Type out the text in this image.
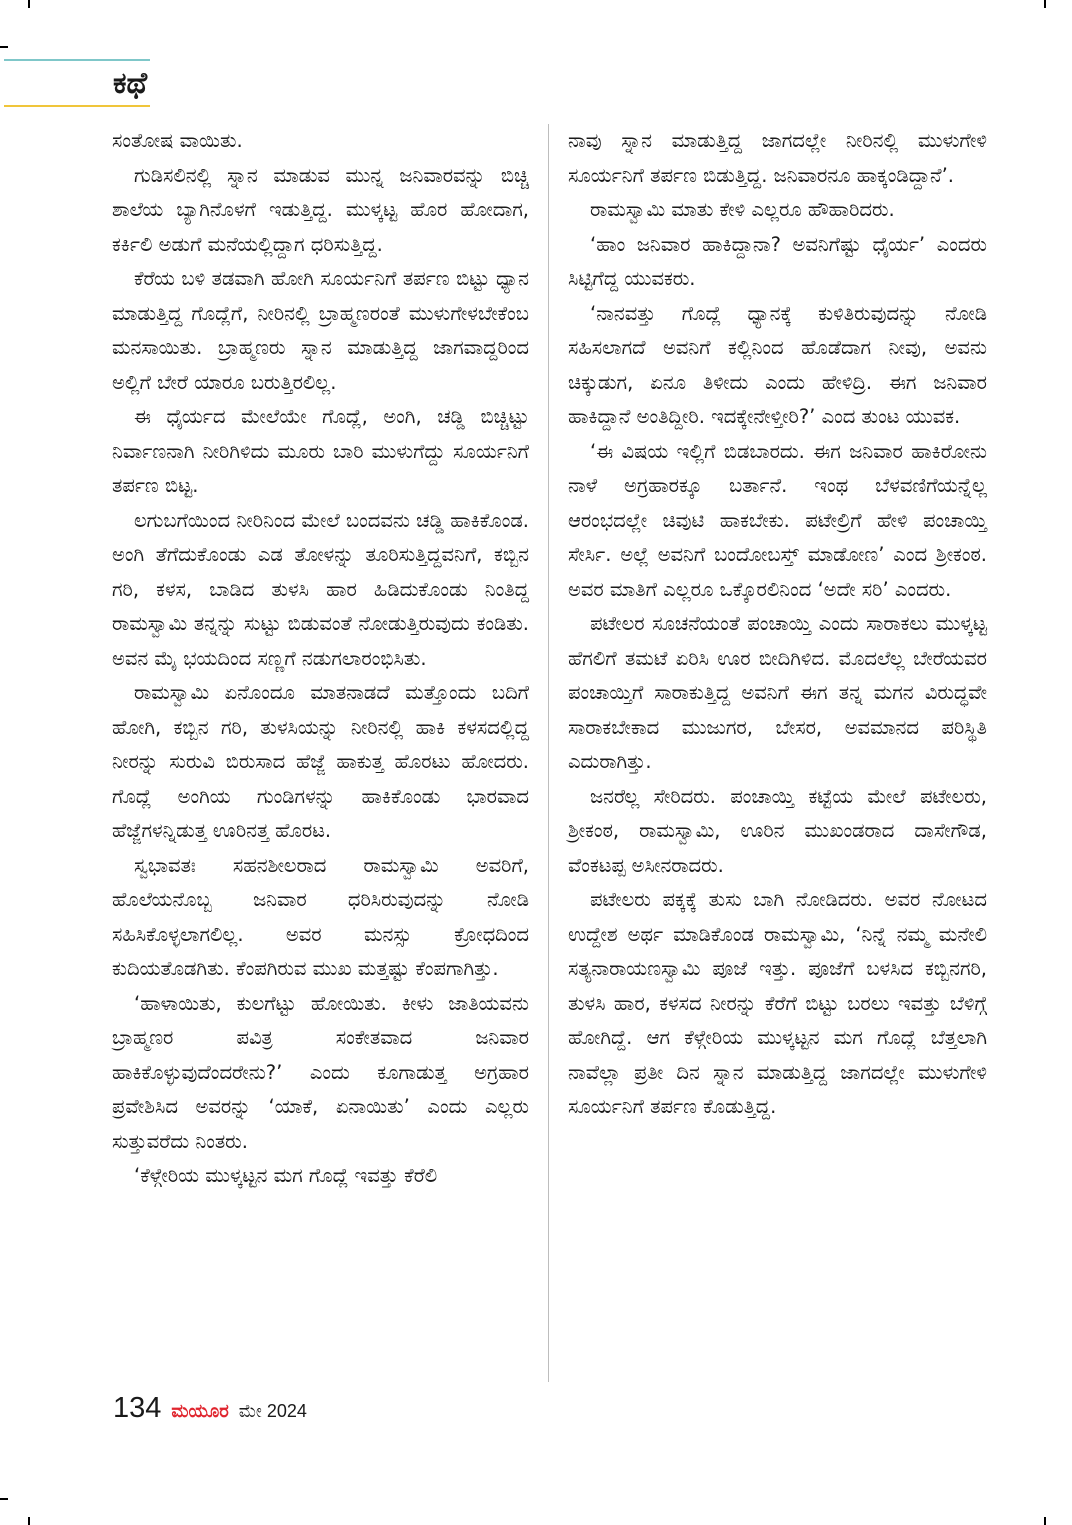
ಕಥೆ

ಸಂತೋಷ ವಾಯಿತು.

ಗುಡಿಸಲಿನಲ್ಲಿ ಸ್ನಾನ ಮಾಡುವ ಮುನ್ನ ಜನಿವಾರವನ್ನು ಬಿಚ್ಚಿ ಶಾಲೆಯ ಬ್ಯಾಗಿನೊಳಗೆ ಇಡುತ್ತಿದ್ದ. ಮುಳ್ಕಟ್ಟ ಹೊರ ಹೋದಾಗ, ಕರ್ಕಿಲಿ ಅಡುಗೆ ಮನೆಯಲ್ಲಿದ್ದಾಗ ಧರಿಸುತ್ತಿದ್ದ.

ಕೆರೆಯ ಬಳಿ ತಡವಾಗಿ ಹೋಗಿ ಸೂರ್ಯನಿಗೆ ತರ್ಪಣ ಬಿಟ್ಟು ಧ್ಯಾನ ಮಾಡುತ್ತಿದ್ದ ಗೊದ್ಲೆಗೆ, ನೀರಿನಲ್ಲಿ ಬ್ರಾಹ್ಮಣರಂತೆ ಮುಳುಗೇಳಬೇಕೆಂಬ ಮನಸಾಯಿತು. ಬ್ರಾಹ್ಮಣರು ಸ್ನಾನ ಮಾಡುತ್ತಿದ್ದ ಜಾಗವಾದ್ದರಿಂದ ಅಲ್ಲಿಗೆ ಬೇರೆ ಯಾರೂ ಬರುತ್ತಿರಲಿಲ್ಲ.

ಈ ಧೈರ್ಯದ ಮೇಲೆಯೇ ಗೊದ್ಲೆ, ಅಂಗಿ, ಚಡ್ಡಿ ಬಿಚ್ಚಿಟ್ಟು ನಿರ್ವಾಣನಾಗಿ ನೀರಿಗಿಳಿದು ಮೂರು ಬಾರಿ ಮುಳುಗೆದ್ದು ಸೂರ್ಯನಿಗೆ ತರ್ಪಣ ಬಿಟ್ಟ.

ಲಗುಬಗೆಯಿಂದ ನೀರಿನಿಂದ ಮೇಲೆ ಬಂದವನು ಚಡ್ಡಿ ಹಾಕಿಕೊಂಡ. ಅಂಗಿ ತೆಗೆದುಕೊಂಡು ಎಡ ತೋಳನ್ನು ತೂರಿಸುತ್ತಿದ್ದವನಿಗೆ, ಕಬ್ಬಿನ ಗರಿ, ಕಳಸ, ಬಾಡಿದ ತುಳಸಿ ಹಾರ ಹಿಡಿದುಕೊಂಡು ನಿಂತಿದ್ದ ರಾಮಸ್ವಾಮಿ ತನ್ನನ್ನು ಸುಟ್ಟು ಬಿಡುವಂತೆ ನೋಡುತ್ತಿರುವುದು ಕಂಡಿತು. ಅವನ ಮೈ ಭಯದಿಂದ ಸಣ್ಣಗೆ ನಡುಗಲಾರಂಭಿಸಿತು.

ರಾಮಸ್ವಾಮಿ ಏನೊಂದೂ ಮಾತನಾಡದೆ ಮತ್ತೊಂದು ಬದಿಗೆ ಹೋಗಿ, ಕಬ್ಬಿನ ಗರಿ, ತುಳಸಿಯನ್ನು ನೀರಿನಲ್ಲಿ ಹಾಕಿ ಕಳಸದಲ್ಲಿದ್ದ ನೀರನ್ನು ಸುರುವಿ ಬಿರುಸಾದ ಹೆಜ್ಜೆ ಹಾಕುತ್ತ ಹೊರಟು ಹೋದರು. ಗೊದ್ಲೆ ಅಂಗಿಯ ಗುಂಡಿಗಳನ್ನು ಹಾಕಿಕೊಂಡು ಭಾರವಾದ ಹೆಜ್ಜೆಗಳನ್ನಿಡುತ್ತ ಊರಿನತ್ತ ಹೊರಟ.

ಸ್ವಭಾವತಃ ಸಹನಶೀಲರಾದ ರಾಮಸ್ವಾಮಿ ಅವರಿಗೆ, ಹೊಲೆಯನೊಬ್ಬ ಜನಿವಾರ ಧರಿಸಿರುವುದನ್ನು ನೋಡಿ ಸಹಿಸಿಕೊಳ್ಳಲಾಗಲಿಲ್ಲ. ಅವರ ಮನಸ್ಸು ಕ್ರೋಧದಿಂದ ಕುದಿಯತೊಡಗಿತು. ಕೆಂಪಗಿರುವ ಮುಖ ಮತ್ತಷ್ಟು ಕೆಂಪಗಾಗಿತ್ತು.

‘ಹಾಳಾಯಿತು, ಕುಲಗೆಟ್ಟು ಹೋಯಿತು. ಕೀಳು ಜಾತಿಯವನು ಬ್ರಾಹ್ಮಣರ ಪವಿತ್ರ ಸಂಕೇತವಾದ ಜನಿವಾರ ಹಾಕಿಕೊಳ್ಳುವುದೆಂದರೇನು?’ ಎಂದು ಕೂಗಾಡುತ್ತ ಅಗ್ರಹಾರ ಪ್ರವೇಶಿಸಿದ ಅವರನ್ನು ‘ಯಾಕೆ, ಏನಾಯಿತು’ ಎಂದು ಎಲ್ಲರು ಸುತ್ತುವರೆದು ನಿಂತರು.

‘ಕೆಳ್ಗೇರಿಯ ಮುಳ್ಕಟ್ಟನ ಮಗ ಗೊದ್ಲೆ ಇವತ್ತು ಕೆರೆಲಿ

ನಾವು ಸ್ನಾನ ಮಾಡುತ್ತಿದ್ದ ಜಾಗದಲ್ಲೇ ನೀರಿನಲ್ಲಿ ಮುಳುಗೇಳಿ ಸೂರ್ಯನಿಗೆ ತರ್ಪಣ ಬಿಡುತ್ತಿದ್ದ. ಜನಿವಾರನೂ ಹಾಕ್ಕಂಡಿದ್ದಾನೆ’.

ರಾಮಸ್ವಾಮಿ ಮಾತು ಕೇಳಿ ಎಲ್ಲರೂ ಹೌಹಾರಿದರು.

‘ಹಾಂ ಜನಿವಾರ ಹಾಕಿದ್ದಾನಾ? ಅವನಿಗೆಷ್ಟು ಧೈರ್ಯ’ ಎಂದರು ಸಿಟ್ಟಿಗೆದ್ದ ಯುವಕರು.

‘ನಾನವತ್ತು ಗೊದ್ಲೆ ಧ್ಯಾನಕ್ಕೆ ಕುಳಿತಿರುವುದನ್ನು ನೋಡಿ ಸಹಿಸಲಾಗದೆ ಅವನಿಗೆ ಕಲ್ಲಿನಿಂದ ಹೊಡೆದಾಗ ನೀವು, ಅವನು ಚಿಕ್ಕುಡುಗ, ಏನೂ ತಿಳೀದು ಎಂದು ಹೇಳಿದ್ರಿ. ಈಗ ಜನಿವಾರ ಹಾಕಿದ್ದಾನೆ ಅಂತಿದ್ದೀರಿ. ಇದಕ್ಕೇನೇಳ್ತೀರಿ?’ ಎಂದ ತುಂಟ ಯುವಕ.

‘ಈ ವಿಷಯ ಇಲ್ಲಿಗೆ ಬಿಡಬಾರದು. ಈಗ ಜನಿವಾರ ಹಾಕಿರೋನು ನಾಳೆ ಅಗ್ರಹಾರಕ್ಕೂ ಬರ್ತಾನೆ. ಇಂಥ ಬೆಳವಣಿಗೆಯನ್ನೆಲ್ಲ ಆರಂಭದಲ್ಲೇ ಚಿವುಟಿ ಹಾಕಬೇಕು. ಪಟೇಲ್ರಿಗೆ ಹೇಳಿ ಪಂಚಾಯ್ತಿ ಸೇರ್ಸಿ. ಅಲ್ಲೆ ಅವನಿಗೆ ಬಂದೋಬಸ್ತ್ ಮಾಡೋಣ’ ಎಂದ ಶ್ರೀಕಂಠ. ಅವರ ಮಾತಿಗೆ ಎಲ್ಲರೂ ಒಕ್ಕೊರಲಿನಿಂದ ‘ಅದೇ ಸರಿ’ ಎಂದರು.

ಪಟೇಲರ ಸೂಚನೆಯಂತೆ ಪಂಚಾಯ್ತಿ ಎಂದು ಸಾರಾಕಲು ಮುಳ್ಕಟ್ಟ ಹೆಗಲಿಗೆ ತಮಟೆ ಏರಿಸಿ ಊರ ಬೀದಿಗಿಳಿದ. ಮೊದಲೆಲ್ಲ ಬೇರೆಯವರ ಪಂಚಾಯ್ತಿಗೆ ಸಾರಾಕುತ್ತಿದ್ದ ಅವನಿಗೆ ಈಗ ತನ್ನ ಮಗನ ವಿರುದ್ಧವೇ ಸಾರಾಕಬೇಕಾದ ಮುಜುಗರ, ಬೇಸರ, ಅವಮಾನದ ಪರಿಸ್ಥಿತಿ ಎದುರಾಗಿತ್ತು.

ಜನರೆಲ್ಲ ಸೇರಿದರು. ಪಂಚಾಯ್ತಿ ಕಟ್ಟೆಯ ಮೇಲೆ ಪಟೇಲರು, ಶ್ರೀಕಂಠ, ರಾಮಸ್ವಾಮಿ, ಊರಿನ ಮುಖಂಡರಾದ ದಾಸೇಗೌಡ, ವೆಂಕಟಪ್ಪ ಅಸೀನರಾದರು.

ಪಟೇಲರು ಪಕ್ಕಕ್ಕೆ ತುಸು ಬಾಗಿ ನೋಡಿದರು. ಅವರ ನೋಟದ ಉದ್ದೇಶ ಅರ್ಥ ಮಾಡಿಕೊಂಡ ರಾಮಸ್ವಾಮಿ, ‘ನಿನ್ನೆ ನಮ್ಮ ಮನೇಲಿ ಸತ್ಯನಾರಾಯಣಸ್ವಾಮಿ ಪೂಜೆ ಇತ್ತು. ಪೂಜೆಗೆ ಬಳಸಿದ ಕಬ್ಬಿನಗರಿ, ತುಳಸಿ ಹಾರ, ಕಳಸದ ನೀರನ್ನು ಕೆರೆಗೆ ಬಿಟ್ಟು ಬರಲು ಇವತ್ತು ಬೆಳಿಗ್ಗೆ ಹೋಗಿದ್ದೆ. ಆಗ ಕೆಳ್ಗೇರಿಯ ಮುಳ್ಕಟ್ಟನ ಮಗ ಗೊದ್ಲೆ ಬೆತ್ತಲಾಗಿ ನಾವೆಲ್ಲಾ ಪ್ರತೀ ದಿನ ಸ್ನಾನ ಮಾಡುತ್ತಿದ್ದ ಜಾಗದಲ್ಲೇ ಮುಳುಗೇಳಿ ಸೂರ್ಯನಿಗೆ ತರ್ಪಣ ಕೊಡುತ್ತಿದ್ದ.

134 ಮಯೂರ ಮೇ 2024
